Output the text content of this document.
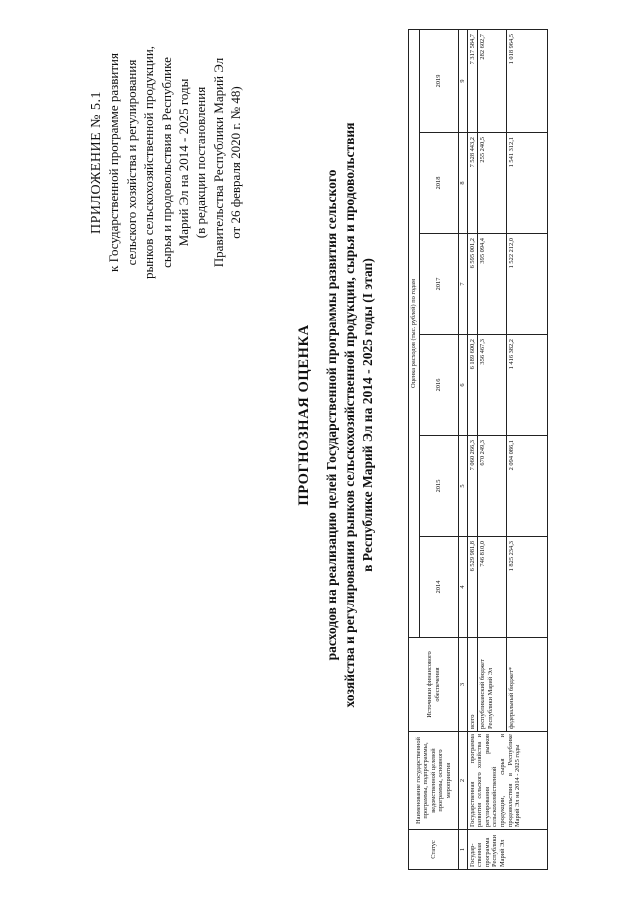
ПРИЛОЖЕНИЕ № 5.1 к Государственной программе развития сельского хозяйства и регулирования рынков сельскохозяйственной продукции, сырья и продовольствия в Республике Марий Эл на 2014 - 2025 годы (в редакции постановления Правительства Республики Марий Эл от 26 февраля 2020 г. № 48)
ПРОГНОЗНАЯ ОЦЕНКА расходов на реализацию целей Государственной программы развития сельского хозяйства и регулирования рынков сельскохозяйственной продукции, сырья и продовольствия в Республике Марий Эл на 2014 - 2025 годы (I этап)
Статус	Наименование государственной программы, подпрограммы, ведомственной целевой программы, основного мероприятия	Источники финансового обеспечения	Оценка расходов (тыс. рублей) по годам					
			2014	2015	2016	2017	2018	2019
1	2	3	4	5	6	7	8	9
Государ-ственная программа Республики Марий Эл	Государственная программа развития сельского хозяйства и регулирования рынков сельскохозяйственной продукции, сырья и продовольствия в Республике Марий Эл на 2014 - 2025 годы	всего	6 529 981,8	7 060 266,3	6 189 600,2	6 595 001,2	7 528 443,2	7 317 584,7
		республиканский бюджет Республики Марий Эл	746 810,0	670 249,3	356 467,3	395 094,4	255 240,5	282 602,7
		федеральный бюджет*	1 825 234,3	2 094 086,1	1 416 382,2	1 522 212,0	1 541 312,1	1 018 964,5
